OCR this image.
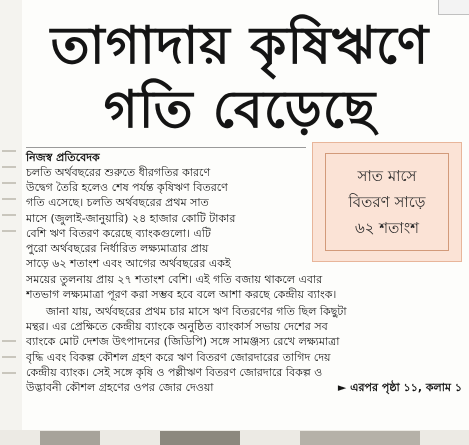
তাগাদায় কৃষিঋণে
গতি বেড়েছে
নিজস্ব প্রতিবেদক
চলতি অর্থবছরের শুরুতে ধীরগতির কারণে
উদ্বেগ তৈরি হলেও শেষ পর্যন্ত কৃষিঋণ বিতরণে
গতি এসেছে। চলতি অর্থবছরের প্রথম সাত
মাসে (জুলাই-জানুয়ারি) ২৪ হাজার কোটি টাকার
বেশি ঋণ বিতরণ করেছে ব্যাংকগুলো। এটি
পুরো অর্থবছরের নির্ধারিত লক্ষ্যমাত্রার প্রায়
সাড়ে ৬২ শতাংশ এবং আগের অর্থবছরের একই
সাত মাসে
বিতরণ সাড়ে
৬২ শতাংশ
সময়ের তুলনায় প্রায় ২৭ শতাংশ বেশি। এই গতি বজায় থাকলে এবার
শতভাগ লক্ষ্যমাত্রা পূরণ করা সম্ভব হবে বলে আশা করছে কেন্দ্রীয় ব্যাংক।
জানা যায়, অর্থবছরের প্রথম চার মাসে ঋণ বিতরণের গতি ছিল কিছুটা
মন্থর। এর প্রেক্ষিতে কেন্দ্রীয় ব্যাংকে অনুষ্ঠিত ব্যাংকার্স সভায় দেশের সব
ব্যাংকে মোট দেশজ উৎপাদনের (জিডিপি) সঙ্গে সামঞ্জস্য রেখে লক্ষ্যমাত্রা
বৃদ্ধি এবং বিকল্প কৌশল গ্রহণ করে ঋণ বিতরণ জোরদারের তাগিদ দেয়
কেন্দ্রীয় ব্যাংক। সেই সঙ্গে কৃষি ও পল্লীঋণ বিতরণ জোরদারে বিকল্প ও
উদ্ভাবনী কৌশল গ্রহণের ওপর জোর দেওয়া	► এরপর পৃষ্ঠা ১১, কলাম ১
